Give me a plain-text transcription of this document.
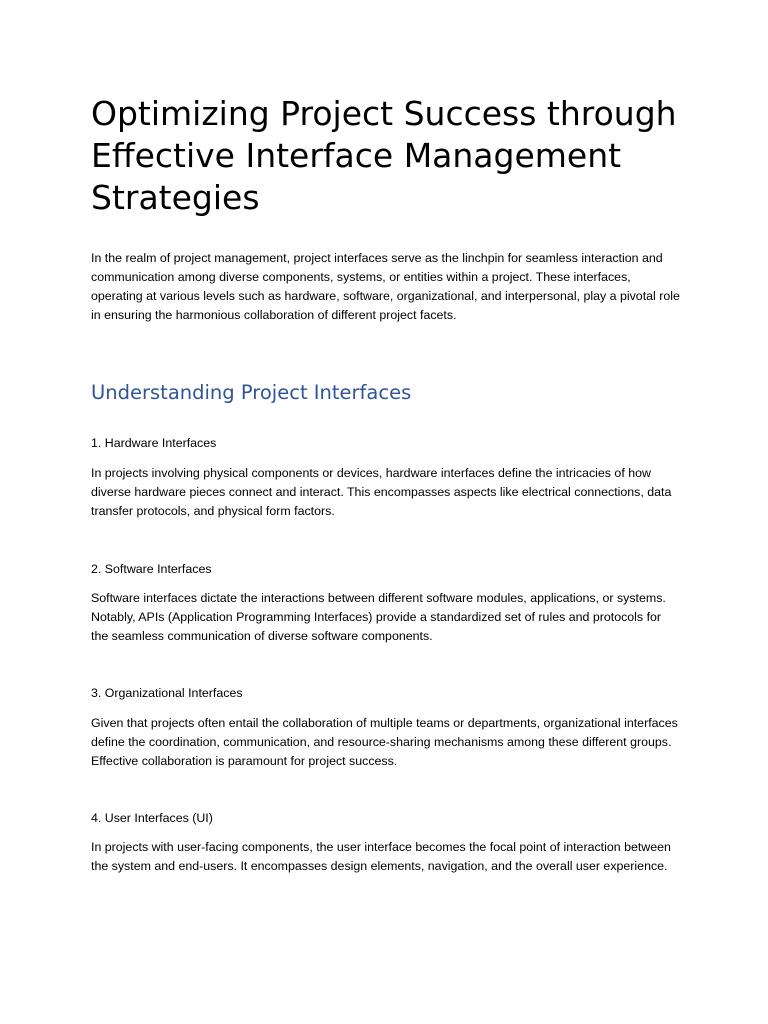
Optimizing Project Success through Effective Interface Management Strategies

In the realm of project management, project interfaces serve as the linchpin for seamless interaction and communication among diverse components, systems, or entities within a project. These interfaces, operating at various levels such as hardware, software, organizational, and interpersonal, play a pivotal role in ensuring the harmonious collaboration of different project facets.

Understanding Project Interfaces

1. Hardware Interfaces

In projects involving physical components or devices, hardware interfaces define the intricacies of how diverse hardware pieces connect and interact. This encompasses aspects like electrical connections, data transfer protocols, and physical form factors.

2. Software Interfaces

Software interfaces dictate the interactions between different software modules, applications, or systems. Notably, APIs (Application Programming Interfaces) provide a standardized set of rules and protocols for the seamless communication of diverse software components.

3. Organizational Interfaces

Given that projects often entail the collaboration of multiple teams or departments, organizational interfaces define the coordination, communication, and resource-sharing mechanisms among these different groups. Effective collaboration is paramount for project success.

4. User Interfaces (UI)

In projects with user-facing components, the user interface becomes the focal point of interaction between the system and end-users. It encompasses design elements, navigation, and the overall user experience.
